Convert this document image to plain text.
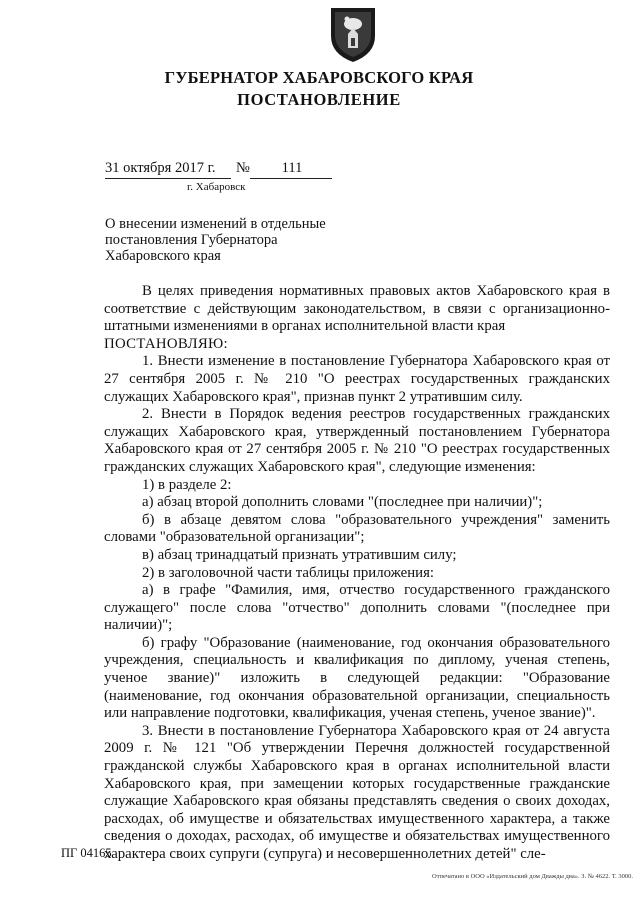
ГУБЕРНАТОР ХАБАРОВСКОГО КРАЯ
ПОСТАНОВЛЕНИЕ
31 октября 2017 г. №	111
г. Хабаровск
О внесении изменений в отдельные постановления Губернатора Хабаровского края

В целях приведения нормативных правовых актов Хабаровского края в соответствие с действующим законодательством, в связи с организационно-штатными изменениями в органах исполнительной власти края

ПОСТАНОВЛЯЮ:

1. Внести изменение в постановление Губернатора Хабаровского края от 27 сентября 2005 г. № 210 "О реестрах государственных гражданских служащих Хабаровского края", признав пункт 2 утратившим силу.

2. Внести в Порядок ведения реестров государственных гражданских служащих Хабаровского края, утвержденный постановлением Губернатора Хабаровского края от 27 сентября 2005 г. № 210 "О реестрах государственных гражданских служащих Хабаровского края", следующие изменения:

1) в разделе 2:

а) абзац второй дополнить словами "(последнее при наличии)";

б) в абзаце девятом слова "образовательного учреждения" заменить словами "образовательной организации";

в) абзац тринадцатый признать утратившим силу;

2) в заголовочной части таблицы приложения:

а) в графе "Фамилия, имя, отчество государственного гражданского служащего" после слова "отчество" дополнить словами "(последнее при наличии)";

б) графу "Образование (наименование, год окончания образовательного учреждения, специальность и квалификация по диплому, ученая степень, ученое звание)" изложить в следующей редакции: "Образование (наименование, год окончания образовательной организации, специальность или направление подготовки, квалификация, ученая степень, ученое звание)".

3. Внести в постановление Губернатора Хабаровского края от 24 августа 2009 г. № 121 "Об утверждении Перечня должностей государственной гражданской службы Хабаровского края в органах исполнительной власти Хабаровского края, при замещении которых государственные гражданские служащие Хабаровского края обязаны представлять сведения о своих доходах, расходах, об имуществе и обязательствах имущественного характера, а также сведения о доходах, расходах, об имуществе и обязательствах имущественного характера своих супруги (супруга) и несовершеннолетних детей" сле-

ПГ 04165
Отпечатано в ООО «Издательский дом Дважды два». З. № 4622. Т. 3000.
